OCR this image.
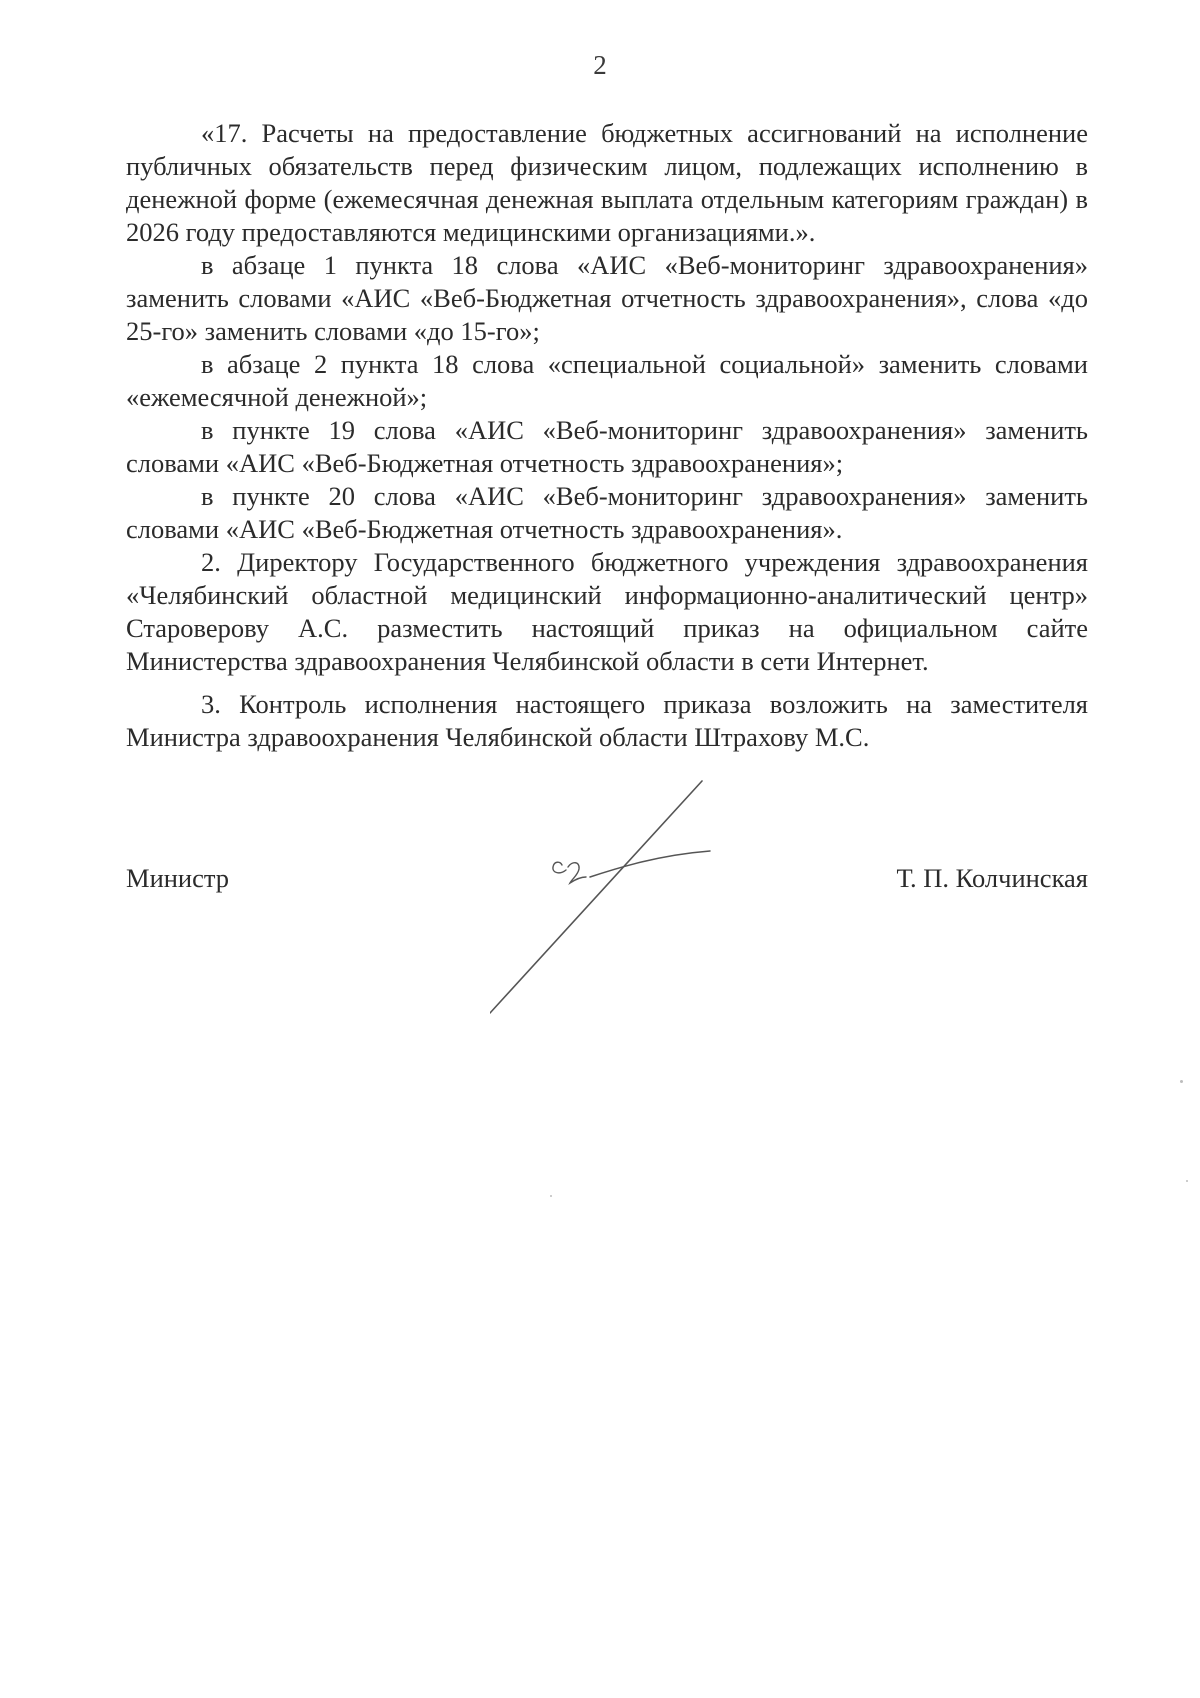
2

«17. Расчеты на предоставление бюджетных ассигнований на исполнение публичных обязательств перед физическим лицом, подлежащих исполнению в денежной форме (ежемесячная денежная выплата отдельным категориям граждан) в 2026 году предоставляются медицинскими организациями.».

в абзаце 1 пункта 18 слова «АИС «Веб-мониторинг здравоохранения» заменить словами «АИС «Веб-Бюджетная отчетность здравоохранения», слова «до 25-го» заменить словами «до 15-го»;

в абзаце 2 пункта 18 слова «специальной социальной» заменить словами «ежемесячной денежной»;

в пункте 19 слова «АИС «Веб-мониторинг здравоохранения» заменить словами «АИС «Веб-Бюджетная отчетность здравоохранения»;

в пункте 20 слова «АИС «Веб-мониторинг здравоохранения» заменить словами «АИС «Веб-Бюджетная отчетность здравоохранения».

2. Директору Государственного бюджетного учреждения здравоохранения «Челябинский областной медицинский информационно-аналитический центр» Староверову А.С. разместить настоящий приказ на официальном сайте Министерства здравоохранения Челябинской области в сети Интернет.

3. Контроль исполнения настоящего приказа возложить на заместителя Министра здравоохранения Челябинской области Штрахову М.С.

Министр	Т. П. Колчинская
